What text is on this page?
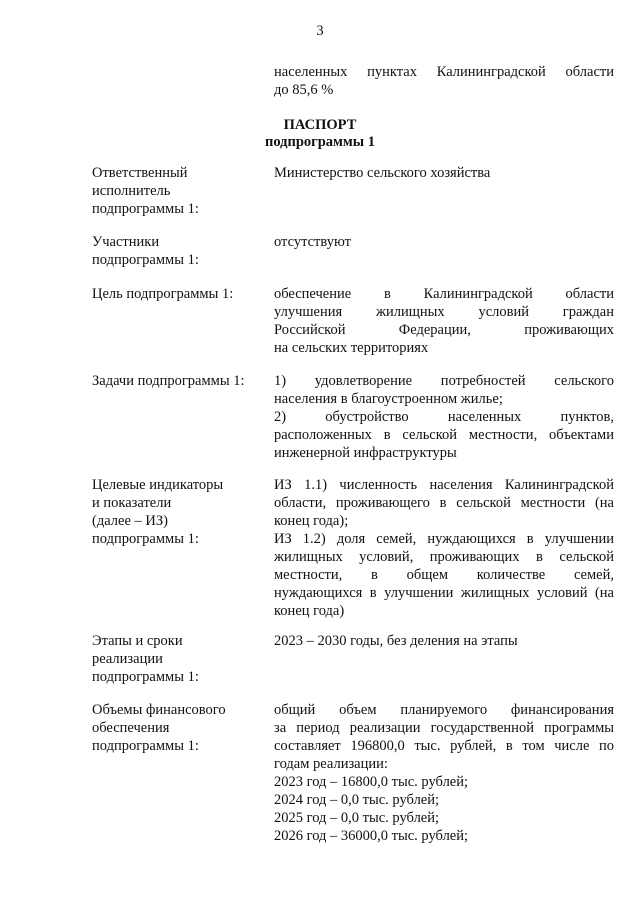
3
населенных пунктах Калининградской области
до 85,6 %
ПАСПОРТ
подпрограммы 1
Ответственный
исполнитель
подпрограммы 1:
Министерство сельского хозяйства
Участники
подпрограммы 1:
отсутствуют
Цель подпрограммы 1:	обеспечение в Калининградской области
улучшения жилищных условий граждан
Российской Федерации, проживающих
на сельских территориях
Задачи подпрограммы 1:	1) удовлетворение потребностей сельского
населения в благоустроенном жилье;
2) обустройство населенных пунктов,
расположенных в сельской местности, объектами
инженерной инфраструктуры
Целевые индикаторы
и показатели
(далее – ИЗ)
подпрограммы 1:
ИЗ 1.1) численность населения Калининградской
области, проживающего в сельской местности (на
конец года);
ИЗ 1.2) доля семей, нуждающихся в улучшении
жилищных условий, проживающих в сельской
местности, в общем количестве семей,
нуждающихся в улучшении жилищных условий (на
конец года)
Этапы и сроки
реализации
подпрограммы 1:
2023 – 2030 годы, без деления на этапы
Объемы финансового
обеспечения
подпрограммы 1:
общий объем планируемого финансирования
за период реализации государственной программы
составляет 196800,0 тыс. рублей, в том числе по
годам реализации:
2023 год – 16800,0 тыс. рублей;
2024 год – 0,0 тыс. рублей;
2025 год – 0,0 тыс. рублей;
2026 год – 36000,0 тыс. рублей;
